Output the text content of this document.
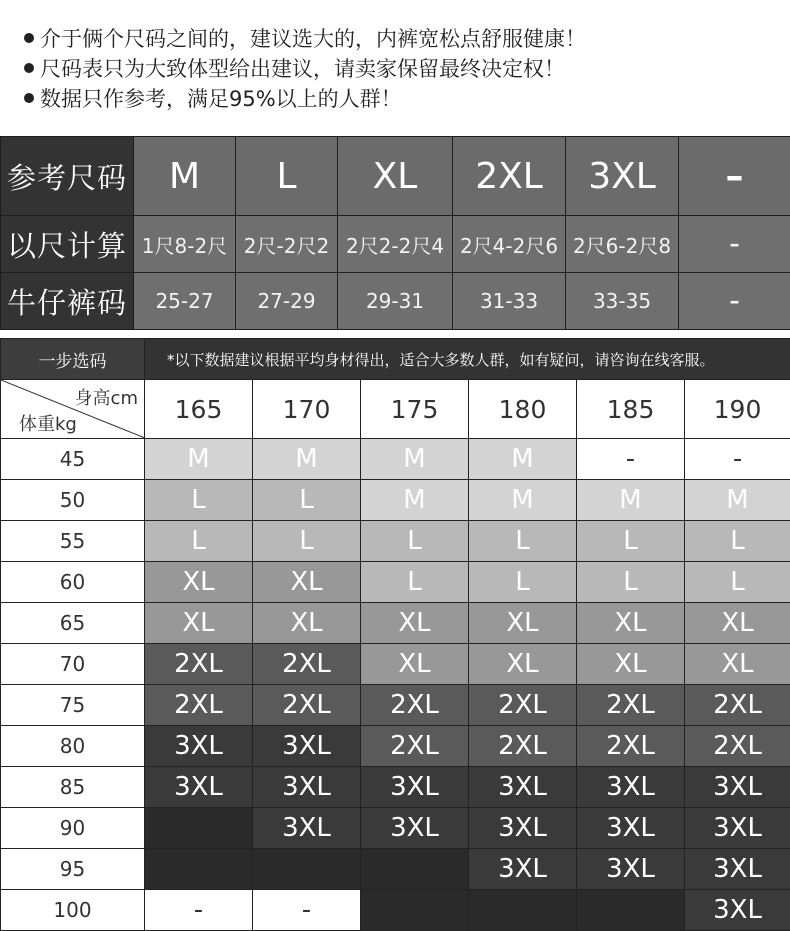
介于俩个尺码之间的，建议选大的，内裤宽松点舒服健康！
尺码表只为大致体型给出建议，请卖家保留最终决定权！
数据只作参考，满足95%以上的人群！
参考尺码	M	L	XL	2XL	3XL	–
以尺计算	1尺8-2尺	2尺-2尺2	2尺2-2尺4	2尺4-2尺6	2尺6-2尺8	–
牛仔裤码	25-27	27-29	29-31	31-33	33-35	–
一步选码	*以下数据建议根据平均身材得出，适合大多数人群，如有疑问，请咨询在线客服。					

身高cm
体重kg	165	170	175	180	185	190
45	M	M	M	M	-	-
50	L	L	M	M	M	M
55	L	L	L	L	L	L
60	XL	XL	L	L	L	L
65	XL	XL	XL	XL	XL	XL
70	2XL	2XL	XL	XL	XL	XL
75	2XL	2XL	2XL	2XL	2XL	2XL
80	3XL	3XL	2XL	2XL	2XL	2XL
85	3XL	3XL	3XL	3XL	3XL	3XL
90		3XL	3XL	3XL	3XL	3XL
95				3XL	3XL	3XL
100	-	-				3XL
